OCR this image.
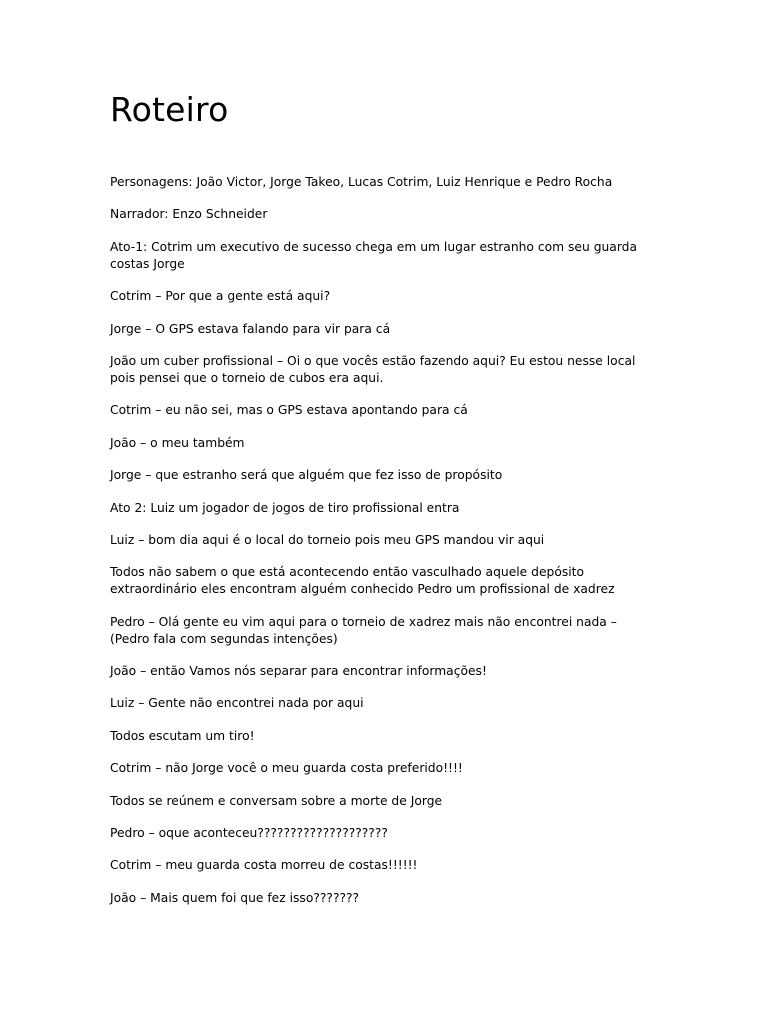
Roteiro

Personagens: João Victor, Jorge Takeo, Lucas Cotrim, Luiz Henrique e Pedro Rocha

Narrador: Enzo Schneider

Ato-1: Cotrim um executivo de sucesso chega em um lugar estranho com seu guarda costas Jorge

Cotrim – Por que a gente está aqui?

Jorge – O GPS estava falando para vir para cá

João um cuber profissional – Oi o que vocês estão fazendo aqui? Eu estou nesse local pois pensei que o torneio de cubos era aqui.

Cotrim – eu não sei, mas o GPS estava apontando para cá

João – o meu também

Jorge – que estranho será que alguém que fez isso de propósito

Ato 2: Luiz um jogador de jogos de tiro profissional entra

Luiz – bom dia aqui é o local do torneio pois meu GPS mandou vir aqui

Todos não sabem o que está acontecendo então vasculhado aquele depósito extraordinário eles encontram alguém conhecido Pedro um profissional de xadrez

Pedro – Olá gente eu vim aqui para o torneio de xadrez mais não encontrei nada – (Pedro fala com segundas intenções)

João – então Vamos nós separar para encontrar informações!

Luiz – Gente não encontrei nada por aqui

Todos escutam um tiro!

Cotrim – não Jorge você o meu guarda costa preferido!!!!

Todos se reúnem e conversam sobre a morte de Jorge

Pedro – oque aconteceu????????????????????

Cotrim – meu guarda costa morreu de costas!!!!!!

João – Mais quem foi que fez isso???????
